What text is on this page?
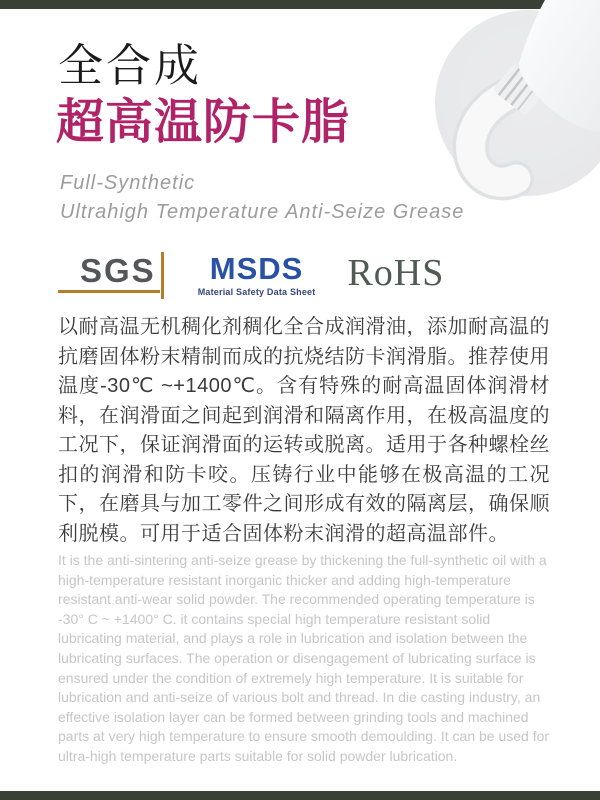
全合成
超高温防卡脂
Full-Synthetic
Ultrahigh Temperature Anti-Seize Grease
SGS	MSDS
Material Safety Data Sheet RoHS
以耐高温无机稠化剂稠化全合成润滑油，添加耐高温的抗磨固体粉末精制而成的抗烧结防卡润滑脂。推荐使用温度-30℃ ~+1400℃。含有特殊的耐高温固体润滑材料，在润滑面之间起到润滑和隔离作用，在极高温度的工况下，保证润滑面的运转或脱离。适用于各种螺栓丝扣的润滑和防卡咬。压铸行业中能够在极高温的工况下，在磨具与加工零件之间形成有效的隔离层，确保顺利脱模。可用于适合固体粉末润滑的超高温部件。
It is the anti-sintering anti-seize grease by thickening the full-synthetic oil with a high-temperature resistant inorganic thicker and adding high-temperature resistant anti-wear solid powder. The recommended operating temperature is -30° C ~ +1400° C. it contains special high temperature resistant solid lubricating material, and plays a role in lubrication and isolation between the lubricating surfaces. The operation or disengagement of lubricating surface is ensured under the condition of extremely high temperature. It is suitable for lubrication and anti-seize of various bolt and thread. In die casting industry, an effective isolation layer can be formed between grinding tools and machined parts at very high temperature to ensure smooth demoulding. It can be used for ultra-high temperature parts suitable for solid powder lubrication.
